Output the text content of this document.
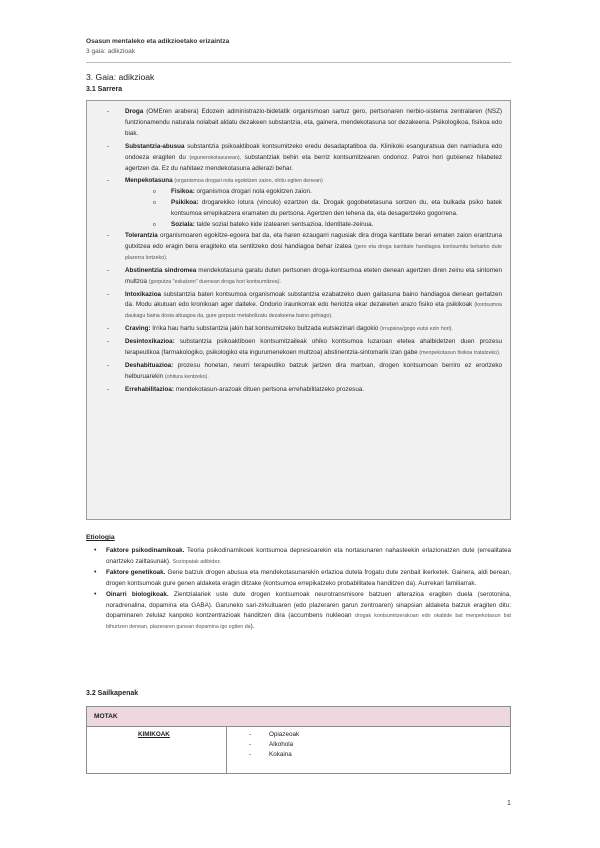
Osasun mentaleko eta adikzioetako erizaintza
3 gaia: adikzioak
3. Gaia: adikzioak
3.1 Sarrera
- Droga (OMEren arabera) Edozein administrazio-bidetatik organismoan sartuz gero, pertsonaren nerbio-sistema zentralaren (NSZ) funtzionamendu naturala nolabait aldatu dezakeen substantzia, eta, gainera, mendekotasuna sor dezakeena. Psikologikoa, fisikoa edo biak.
- Substantzia-abusua substantzia psikoaktiboak kontsumitzeko eredu desadaptatiboa da. Klinikoki esanguratsua den narriadura edo ondoeza eragiten du (egunerokotasunean), substantziak behin eta berriz kontsumitzearen ondorioz. Patroi hori gutxienez hilabetez agertzen da. Ez du nahitaez mendekotasuna adierazi behar.
- Menpekotasuna (organismoa drogari nola egokitzen zaion, ohitu egiten denean)
o Fisikoa: organismoa drogari nola egokitzen zaion.
o Psikikoa: drogarekiko lotura (vinculo) ezartzen da. Drogak gogobetetasuna sortzen du, eta bulkada psiko batek kontsumoa errepikatzera eramaten du pertsona. Agertzen den lehena da, eta desagertzeko gogorrena.
o Soziala: talde sozial bateko kide izatearen sentsazioa. Identitate-zeinua.
- Tolerantzia organismoaren egokitze-egoera bat da, eta haren ezaugarri nagusiak dira droga kantitate berari ematen zaion erantzuna gutxitzea edo eragin bera eragiteko eta sentitzeko dosi handiagoa behar izatea (gero eta droga kantitate handiagoa kontsumitu beharko dute plazerra lortzeko).
- Abstinentzia sindromea mendekotasuna garatu duten pertsonen droga-kontsumoa eteten denean agertzen diren zeinu eta sintomen multzoa (gorputza "eskatzen" duenean droga hori kontsumitzea).
- Intoxikazioa substantzia baten kontsumoa organismoak substantzia ezabatzeko duen gaitasuna baino handiagoa denean gertatzen da. Modu akutuan edo kronikoan ager daiteke. Ondorio iraunkorrak edo heriotza ekar dezaketen arazo fisiko eta psikikoak (kontsumoa daukagu baina dosia altuagoa da, gure gorputz metabolizatu dezakeena baino gehiago).
- Craving: Irrika hau hartu substantzia jakin bat kontsumitzeko bultzada eutsiezinari dagokio (irrupsioa/gogo eutsi ezin hori).
- Desintoxikazioa: substantzia psikoaktiboen kontsumitzaileak ohiko kontsumoa luzaroan etetea ahalbidetzen duen prozesu terapeutikoa (farmakologiko, psikologiko eta ingurumenekoen multzoa) abstinentzia-sintomarik izan gabe (menpekotasun fisikoa tratatzeko).
- Deshabituazioa: prozesu honetan, neurri terapeutiko batzuk jartzen dira martxan, drogen kontsumoan berriro ez erortzeko helburuarekin (ohitura kentzeko).
- Errehabilitazioa: mendekotasun-arazoak dituen pertsona errehabilitatzeko prozesua.
Etiologia
• Faktore psikodinamikoak. Teoria psikodinamikoek kontsumoa depresioarekin eta nortasunaren nahasteekin erlazionatzen dute (errealitatea onartzeko zailtasunak). Soziopatak adibidez.
• Faktore genetikoak. Gene batzuk drogen abusua eta mendekotasunarekin erlazioa dutela frogatu dute zenbait ikerketek. Gainera, aldi berean, drogen kontsumoak gure genen aldaketa eragin ditzake (kontsumoa errepikatzeko probabilitatea handitzen da). Aurrekari familiarrak.
• Oinarri biologikoak. Zientzialariek uste dute drogen kontsumoak neurotransmisore batzuen alterazioa eragiten duela (serotonina, noradrenalina, dopamina eta GABA). Garuneko sari-zirkuituaren (edo plazeraren garun zentroaren) sinapsian aldaketa batzuk eragiten ditu: dopaminaren zelulaz kanpoko kontzentrazioak handitzen dira (accumbens nukleoan drogak kontsumitzerakoan edo okabide bat menpekotasun bat bihurtzen denean, plazeraren gunean dopamina igo egiten da).
3.2 Sailkapenak
MOTAK
KIMIKOAK
-	Opiazeoak
- Alkohola
- Kokaina
1
